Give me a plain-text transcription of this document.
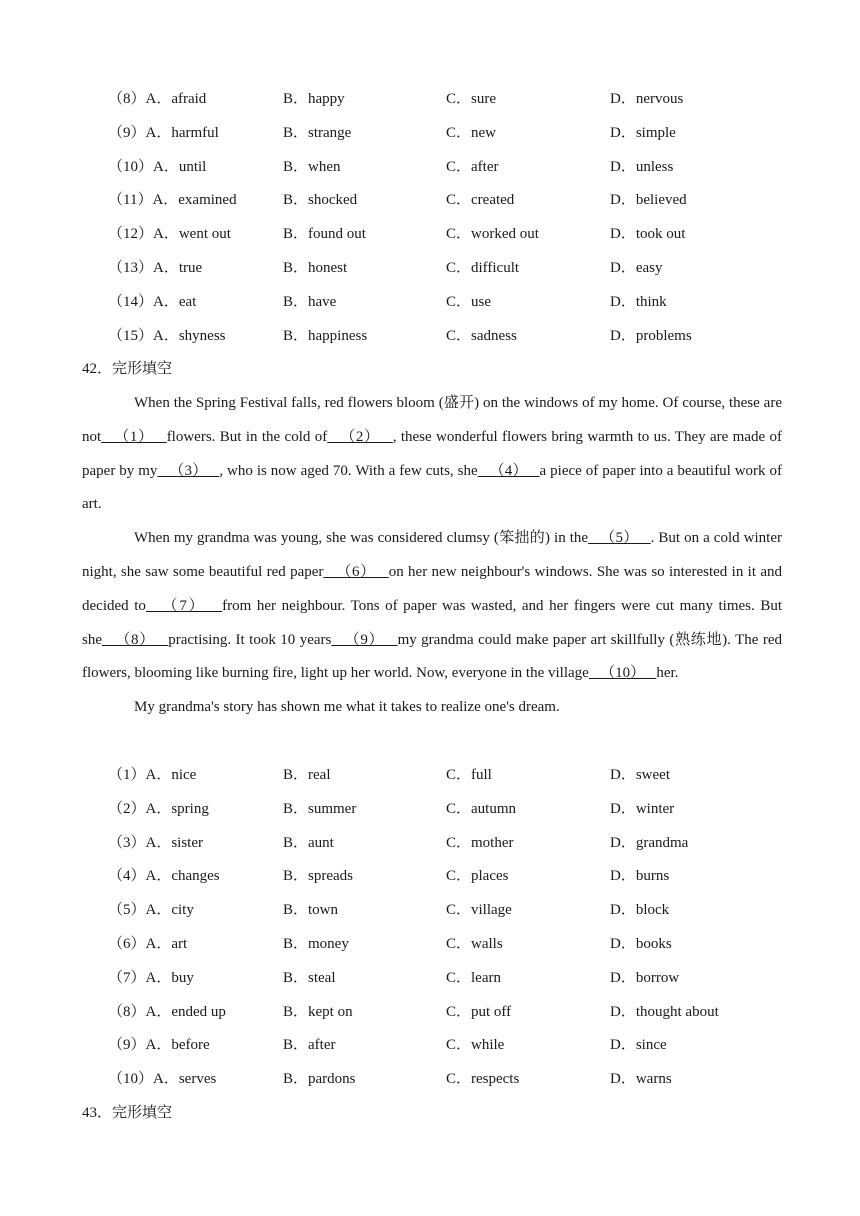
（8）A．afraid	B．happy	C．sure	D．nervous
（9）A．harmful	B．strange	C．new	D．simple
（10）A．until	B．when	C．after	D．unless
（11）A．examined	B．shocked	C．created	D．believed
（12）A．went out	B．found out	C．worked out	D．took out
（13）A．true	B．honest	C．difficult	D．easy
（14）A．eat	B．have	C．use	D．think
（15）A．shyness	B．happiness	C．sadness	D．problems
42．完形填空

When the Spring Festival falls, red flowers bloom (盛开) on the windows of my home. Of course, these are not   （1）   flowers. But in the cold of   （2）   , these wonderful flowers bring warmth to us. They are made of paper by my   （3）   , who is now aged 70. With a few cuts, she   （4）   a piece of paper into a beautiful work of art.

When my grandma was young, she was considered clumsy (笨拙的) in the   （5）   . But on a cold winter night, she saw some beautiful red paper   （6）   on her new neighbour's windows. She was so interested in it and decided to   （7）   from her neighbour. Tons of paper was wasted, and her fingers were cut many times. But she   （8）   practising. It took 10 years   （9）   my grandma could make paper art skillfully (熟练地). The red flowers, blooming like burning fire, light up her world. Now, everyone in the village   （10）   her.

My grandma's story has shown me what it takes to realize one's dream.

（1）A．nice	B．real	C．full	D．sweet
（2）A．spring	B．summer	C．autumn	D．winter
（3）A．sister	B．aunt	C．mother	D．grandma
（4）A．changes	B．spreads	C．places	D．burns
（5）A．city	B．town	C．village	D．block
（6）A．art	B．money	C．walls	D．books
（7）A．buy	B．steal	C．learn	D．borrow
（8）A．ended up	B．kept on	C．put off	D．thought about
（9）A．before	B．after	C．while	D．since
（10）A．serves	B．pardons	C．respects	D．warns
43．完形填空
